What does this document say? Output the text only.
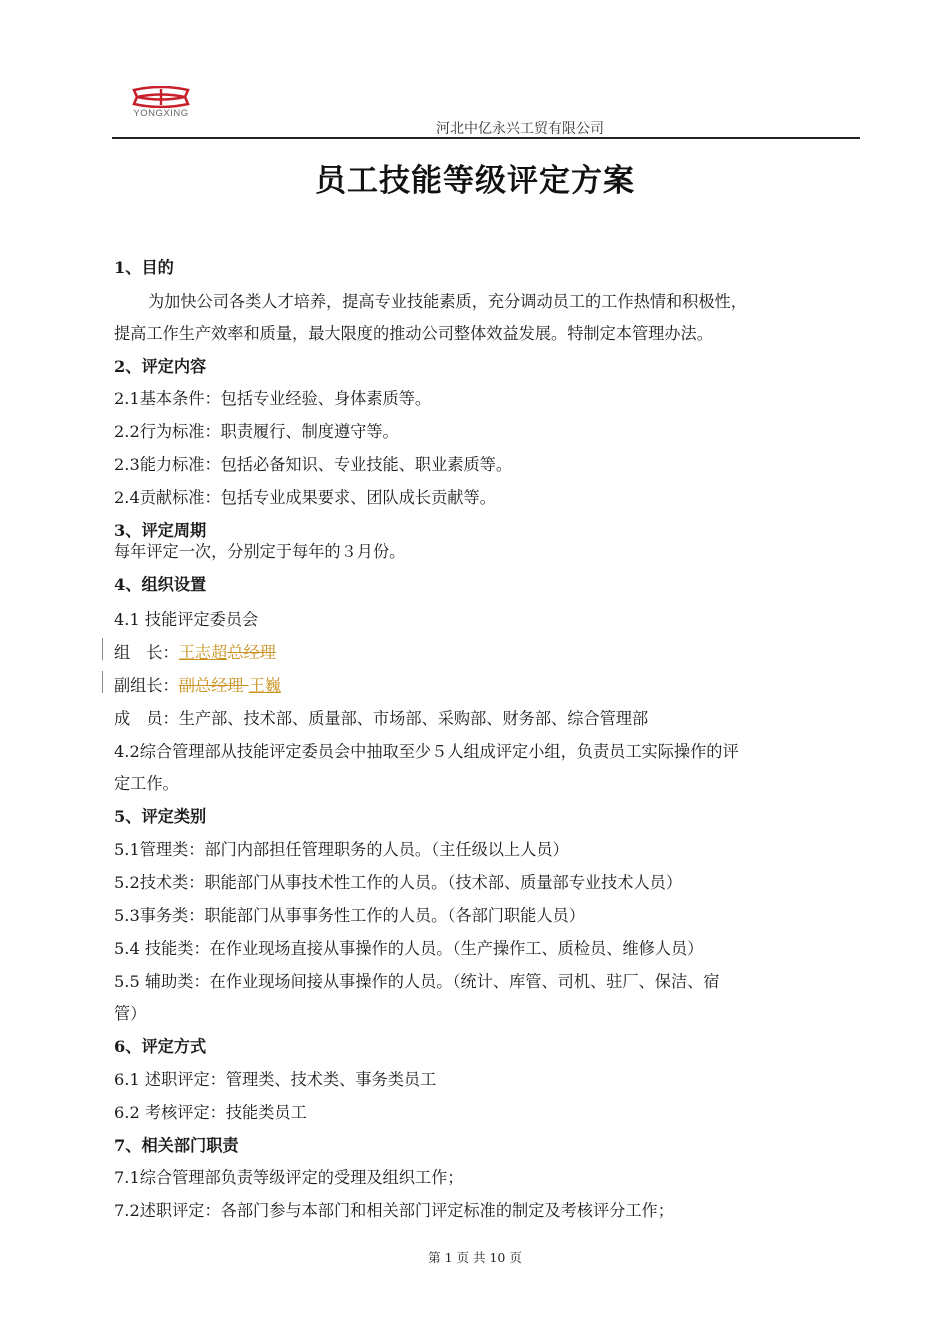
YONGXING
河北中亿永兴工贸有限公司
员工技能等级评定方案
1、目的
为加快公司各类人才培养，提高专业技能素质，充分调动员工的工作热情和积极性，
提高工作生产效率和质量，最大限度的推动公司整体效益发展。特制定本管理办法。
2、评定内容
2.1基本条件：包括专业经验、身体素质等。
2.2行为标准：职责履行、制度遵守等。
2.3能力标准：包括必备知识、专业技能、职业素质等。
2.4贡献标准：包括专业成果要求、团队成长贡献等。
3、评定周期
每年评定一次，分别定于每年的３月份。
4、组织设置
4.1 技能评定委员会
组　长：王志超总经理
副组长：副总经理 王巍
成　员：生产部、技术部、质量部、市场部、采购部、财务部、综合管理部
4.2综合管理部从技能评定委员会中抽取至少５人组成评定小组，负责员工实际操作的评
定工作。
5、评定类别
5.1管理类：部门内部担任管理职务的人员。（主任级以上人员）
5.2技术类：职能部门从事技术性工作的人员。（技术部、质量部专业技术人员）
5.3事务类：职能部门从事事务性工作的人员。（各部门职能人员）
5.4 技能类：在作业现场直接从事操作的人员。（生产操作工、质检员、维修人员）
5.5 辅助类：在作业现场间接从事操作的人员。（统计、库管、司机、驻厂、保洁、宿
管）
6、评定方式
6.1 述职评定：管理类、技术类、事务类员工
6.2 考核评定：技能类员工
7、相关部门职责
7.1综合管理部负责等级评定的受理及组织工作；
7.2述职评定：各部门参与本部门和相关部门评定标准的制定及考核评分工作；
第 1 页 共 10 页
